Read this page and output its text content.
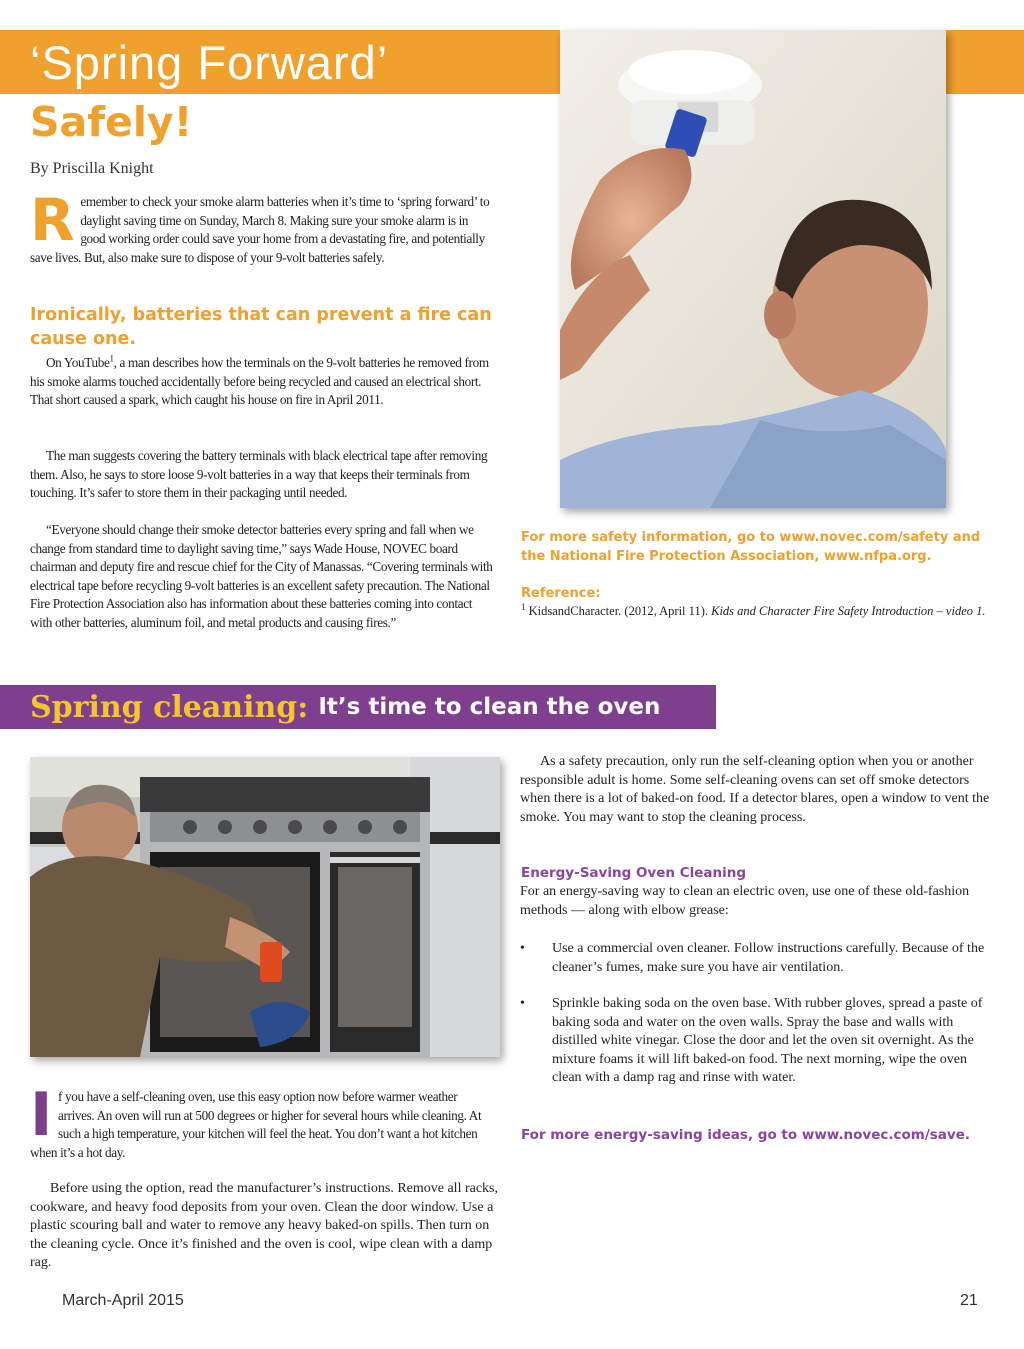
‘Spring Forward’
Safely!
By Priscilla Knight
R emember to check your smoke alarm batteries when it’s time to ‘spring forward’ to daylight saving time on Sunday, March 8. Making sure your smoke alarm is in good working order could save your home from a devastating fire, and potentially save lives. But, also make sure to dispose of your 9-volt batteries safely.
Ironically, batteries that can prevent a fire can cause one.
On YouTube$^1$, a man describes how the terminals on the 9-volt batteries he removed from his smoke alarms touched accidentally before being recycled and caused an electrical short. That short caused a spark, which caught his house on fire in April 2011.
The man suggests covering the battery terminals with black electrical tape after removing them. Also, he says to store loose 9-volt batteries in a way that keeps their terminals from touching. It’s safer to store them in their packaging until needed.
“Everyone should change their smoke detector batteries every spring and fall when we change from standard time to daylight saving time,” says Wade House, NOVEC board chairman and deputy fire and rescue chief for the City of Manassas. “Covering terminals with electrical tape before recycling 9-volt batteries is an excellent safety precaution. The National Fire Protection Association also has information about these batteries coming into contact with other batteries, aluminum foil, and metal products and causing fires.”
For more safety information, go to www.novec.com/safety and the National Fire Protection Association, www.nfpa.org.
Reference:
$^1$ KidsandCharacter. (2012, April 11). Kids and Character Fire Safety Introduction – video 1.
Spring cleaning: It’s time to clean the oven
I f you have a self-cleaning oven, use this easy option now before warmer weather arrives. An oven will run at 500 degrees or higher for several hours while cleaning. At such a high temperature, your kitchen will feel the heat. You don’t want a hot kitchen when it’s a hot day.
Before using the option, read the manufacturer’s instructions. Remove all racks, cookware, and heavy food deposits from your oven. Clean the door window. Use a plastic scouring ball and water to remove any heavy baked-on spills. Then turn on the cleaning cycle. Once it’s finished and the oven is cool, wipe clean with a damp rag.
As a safety precaution, only run the self-cleaning option when you or another responsible adult is home. Some self-cleaning ovens can set off smoke detectors when there is a lot of baked-on food. If a detector blares, open a window to vent the smoke. You may want to stop the cleaning process.
Energy-Saving Oven Cleaning
For an energy-saving way to clean an electric oven, use one of these old-fashion methods — along with elbow grease:
•	Use a commercial oven cleaner. Follow instructions carefully. Because of the cleaner’s fumes, make sure you have air ventilation.
•	Sprinkle baking soda on the oven base. With rubber gloves, spread a paste of baking soda and water on the oven walls. Spray the base and walls with distilled white vinegar. Close the door and let the oven sit overnight. As the mixture foams it will lift baked-on food. The next morning, wipe the oven clean with a damp rag and rinse with water.
For more energy-saving ideas, go to www.novec.com/save.
March-April 2015	21
